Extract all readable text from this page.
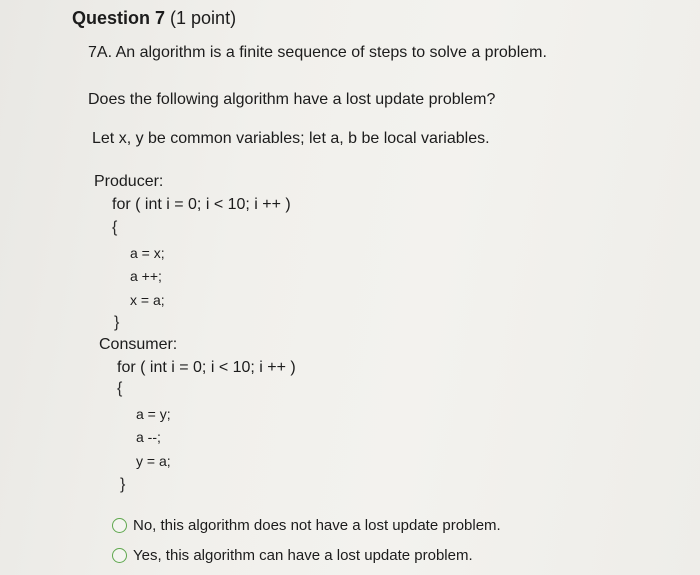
Question 7 (1 point)
7A. An algorithm is a finite sequence of steps to solve a problem.
Does the following algorithm have a lost update problem?
Let x, y be common variables; let a, b be local variables.
Producer:
for ( int i = 0; i < 10; i ++ )
{
a = x;
a ++;
x = a;
}
Consumer:
for ( int i = 0; i < 10; i ++ )
{
a = y;
a --;
y = a;
}
No, this algorithm does not have a lost update problem.
Yes, this algorithm can have a lost update problem.
